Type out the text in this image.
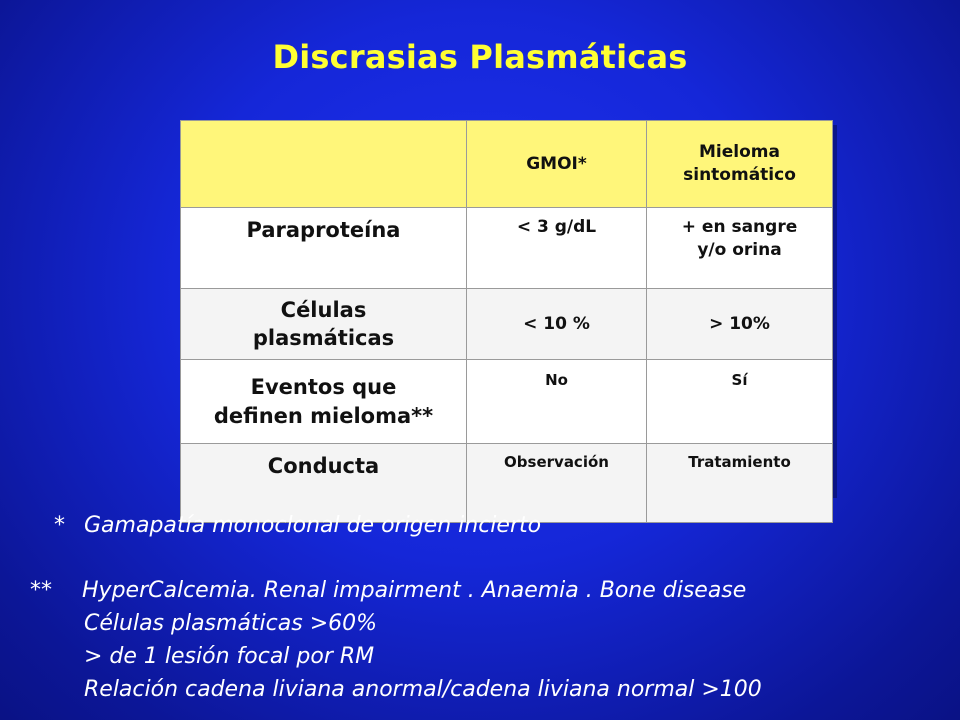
Discrasias Plasmáticas
	GMOI*	Mieloma
sintomático
Paraproteína	< 3 g/dL	+ en sangre
y/o orina
Células
plasmáticas	< 10 %	> 10%
Eventos que
definen mieloma**	No	Sí
Conducta	Observación	Tratamiento
* Gamapatía monoclonal de origen incierto
** HyperCalcemia. Renal impairment . Anaemia . Bone disease
Células plasmáticas >60%
> de 1 lesión focal por RM
Relación cadena liviana anormal/cadena liviana normal >100
